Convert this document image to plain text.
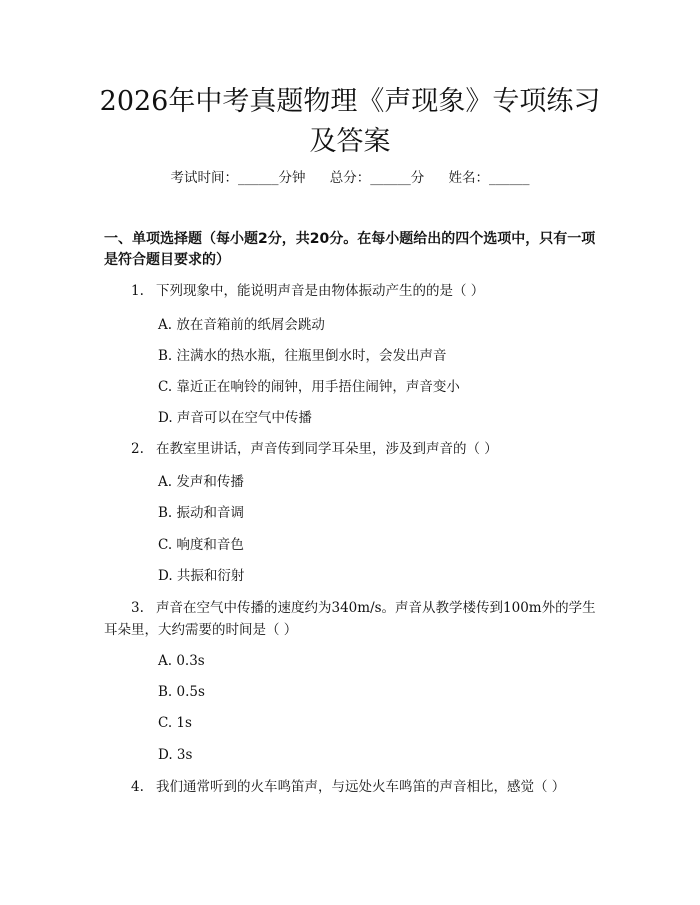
2026年中考真题物理《声现象》专项练习及答案
考试时间：______分钟 总分：______分 姓名：______
一、单项选择题（每小题2分，共20分。在每小题给出的四个选项中，只有一项是符合题目要求的）
1. 下列现象中，能说明声音是由物体振动产生的的是（ ）
A. 放在音箱前的纸屑会跳动
B. 注满水的热水瓶，往瓶里倒水时，会发出声音
C. 靠近正在响铃的闹钟，用手捂住闹钟，声音变小
D. 声音可以在空气中传播
2. 在教室里讲话，声音传到同学耳朵里，涉及到声音的（ ）
A. 发声和传播
B. 振动和音调
C. 响度和音色
D. 共振和衍射
3. 声音在空气中传播的速度约为340m/s。声音从教学楼传到100m外的学生
耳朵里，大约需要的时间是（ ）
A. 0.3s
B. 0.5s
C. 1s
D. 3s
4. 我们通常听到的火车鸣笛声，与远处火车鸣笛的声音相比，感觉（ ）
